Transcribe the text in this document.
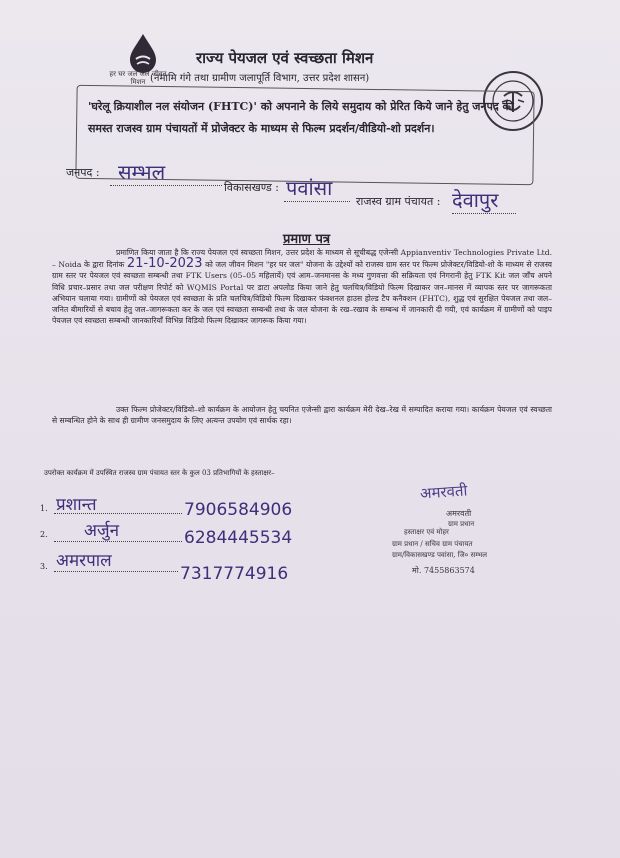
हर घर जल जल जीवन मिशन
राज्य पेयजल एवं स्वच्छता मिशन
(नमामि गंगे तथा ग्रामीण जलापूर्ति विभाग, उत्तर प्रदेश शासन)
'घरेलू क्रियाशील नल संयोजन (FHTC)' को अपनाने के लिये समुदाय को प्रेरित किये जाने हेतु जनपद की समस्त राजस्व ग्राम पंचायतों में प्रोजेक्टर के माध्यम से फिल्म प्रदर्शन/वीडियो-शो प्रदर्शन।
जनपद : सम्भल
विकासखण्ड : पवांसा
राजस्व ग्राम पंचायत : देवापुर
प्रमाण पत्र
प्रमाणित किया जाता है कि राज्य पेयजल एवं स्वच्छता मिशन, उत्तर प्रदेश के माध्यम से सूचीबद्ध एजेन्सी Appianventiv Technologies Private Ltd. – Noida के द्वारा दिनांक 21-10-2023 को जल जीवन मिशन "हर घर जल" योजना के उद्देश्यों को राजस्व ग्राम स्तर पर फिल्म प्रोजेक्टर/विडियो-शो के माध्यम से राजस्व ग्राम स्तर पर पेयजल एवं स्वच्छता सम्बन्धी तथा FTK Users (05–05 महिलायें) एवं आम–जनमानस के मध्य गुणवत्ता की सक्रियता एवं निगरानी हेतु FTK Kit जल जाँच अपने विधि प्रचार–प्रसार तथा जल परीक्षण रिपोर्ट को WQMIS Portal पर डाटा अपलोड किया जाने हेतु चलचित्र/विडियो फिल्म दिखाकर जन–मानस में व्यापक स्तर पर जागरूकता अभियान चलाया गया। ग्रामीणों को पेयजल एवं स्वच्छता के प्रति चलचित्र/विडियो फिल्म दिखाकर फंक्शनल हाउस होल्ड टैप कनैक्शन (FHTC), शुद्ध एवं सुरक्षित पेयजल तथा जल–जनित बीमारियों से बचाव हेतु जल–जागरूकता कर के जल एवं स्वच्छता सम्बन्धी तथा के जल योजना के रख–रखाव के सम्बन्ध में जानकारी दी गयी, एवं कार्यक्रम में ग्रामीणों को पाइप पेयजल एवं स्वच्छता सम्बन्धी जानकारियाँ विभिन्न विडियो फिल्म दिखाकर जागरूक किया गया।
उक्त फिल्म प्रोजेक्टर/विडियो–शो कार्यक्रम के आयोजन हेतु चयनित एजेन्सी द्वारा कार्यक्रम मेरी देख–रेख में सम्पादित कराया गया। कार्यक्रम पेयजल एवं स्वच्छता से सम्बन्धित होने के साथ ही ग्रामीण जनसमुदाय के लिए अत्यन्त उपयोग एवं सार्थक रहा।
उपरोक्त कार्यक्रम में उपस्थित राजस्व ग्राम पंचायत स्तर के कुल 03 प्रतिभागियों के हस्ताक्षर–
1. प्रशान्त	7906584906
2. अर्जुन	6284445534
3. अमरपाल
7317774916
अमरवती
अमरवती
ग्राम प्रधान
हस्ताक्षर एवं मोहर
ग्राम प्रधान / सचिव ग्राम पंचायत
ग्राम/विकासखण्ड पवांसा, जि० सम्भल
मो. 7455863574
